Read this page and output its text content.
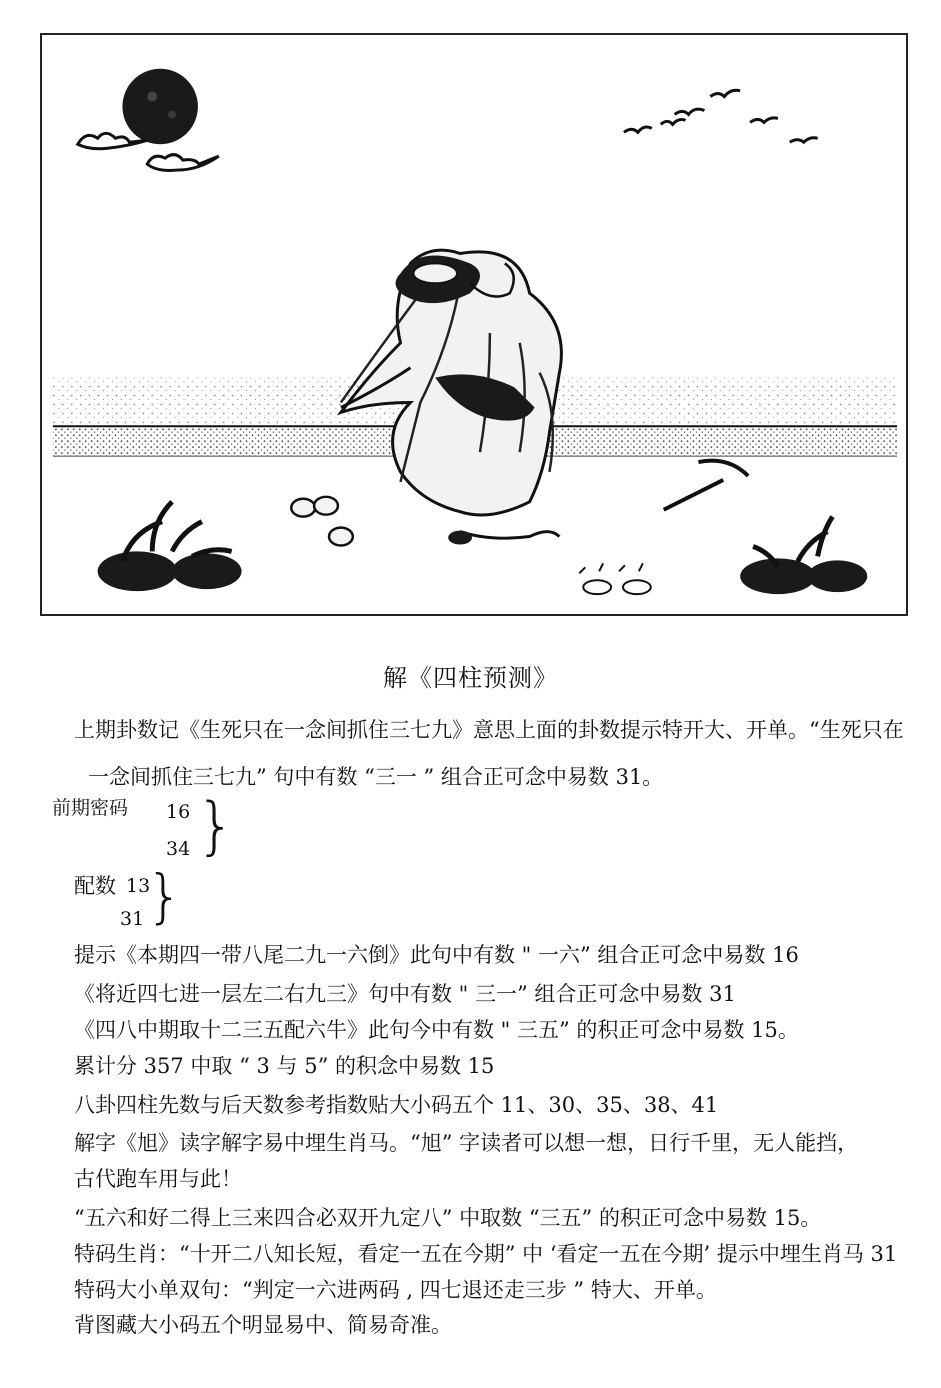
解《四柱预测》
上期卦数记《生死只在一念间抓住三七九》意思上面的卦数提示特开大、开单。“生死只在
一念间抓住三七九” 句中有数 “三一 ” 组合正可念中易数 31。
前期密码 16
34 }
配数 13
31 }
提示《本期四一带八尾二九一六倒》此句中有数 " 一六” 组合正可念中易数 16
《将近四七进一层左二右九三》句中有数 " 三一” 组合正可念中易数 31
《四八中期取十二三五配六牛》此句今中有数 " 三五” 的积正可念中易数 15。
累计分 357 中取 “ 3 与 5” 的积念中易数 15
八卦四柱先数与后天数参考指数贴大小码五个 11、30、35、38、41
解字《旭》读字解字易中埋生肖马。“旭” 字读者可以想一想，日行千里，无人能挡，
古代跑车用与此！
“五六和好二得上三来四合必双开九定八” 中取数 “三五” 的积正可念中易数 15。
特码生肖：“十开二八知长短，看定一五在今期” 中 ‘看定一五在今期’ 提示中埋生肖马 31
特码大小单双句：“判定一六进两码 , 四七退还走三步 ” 特大、开单。
背图藏大小码五个明显易中、简易奇准。
